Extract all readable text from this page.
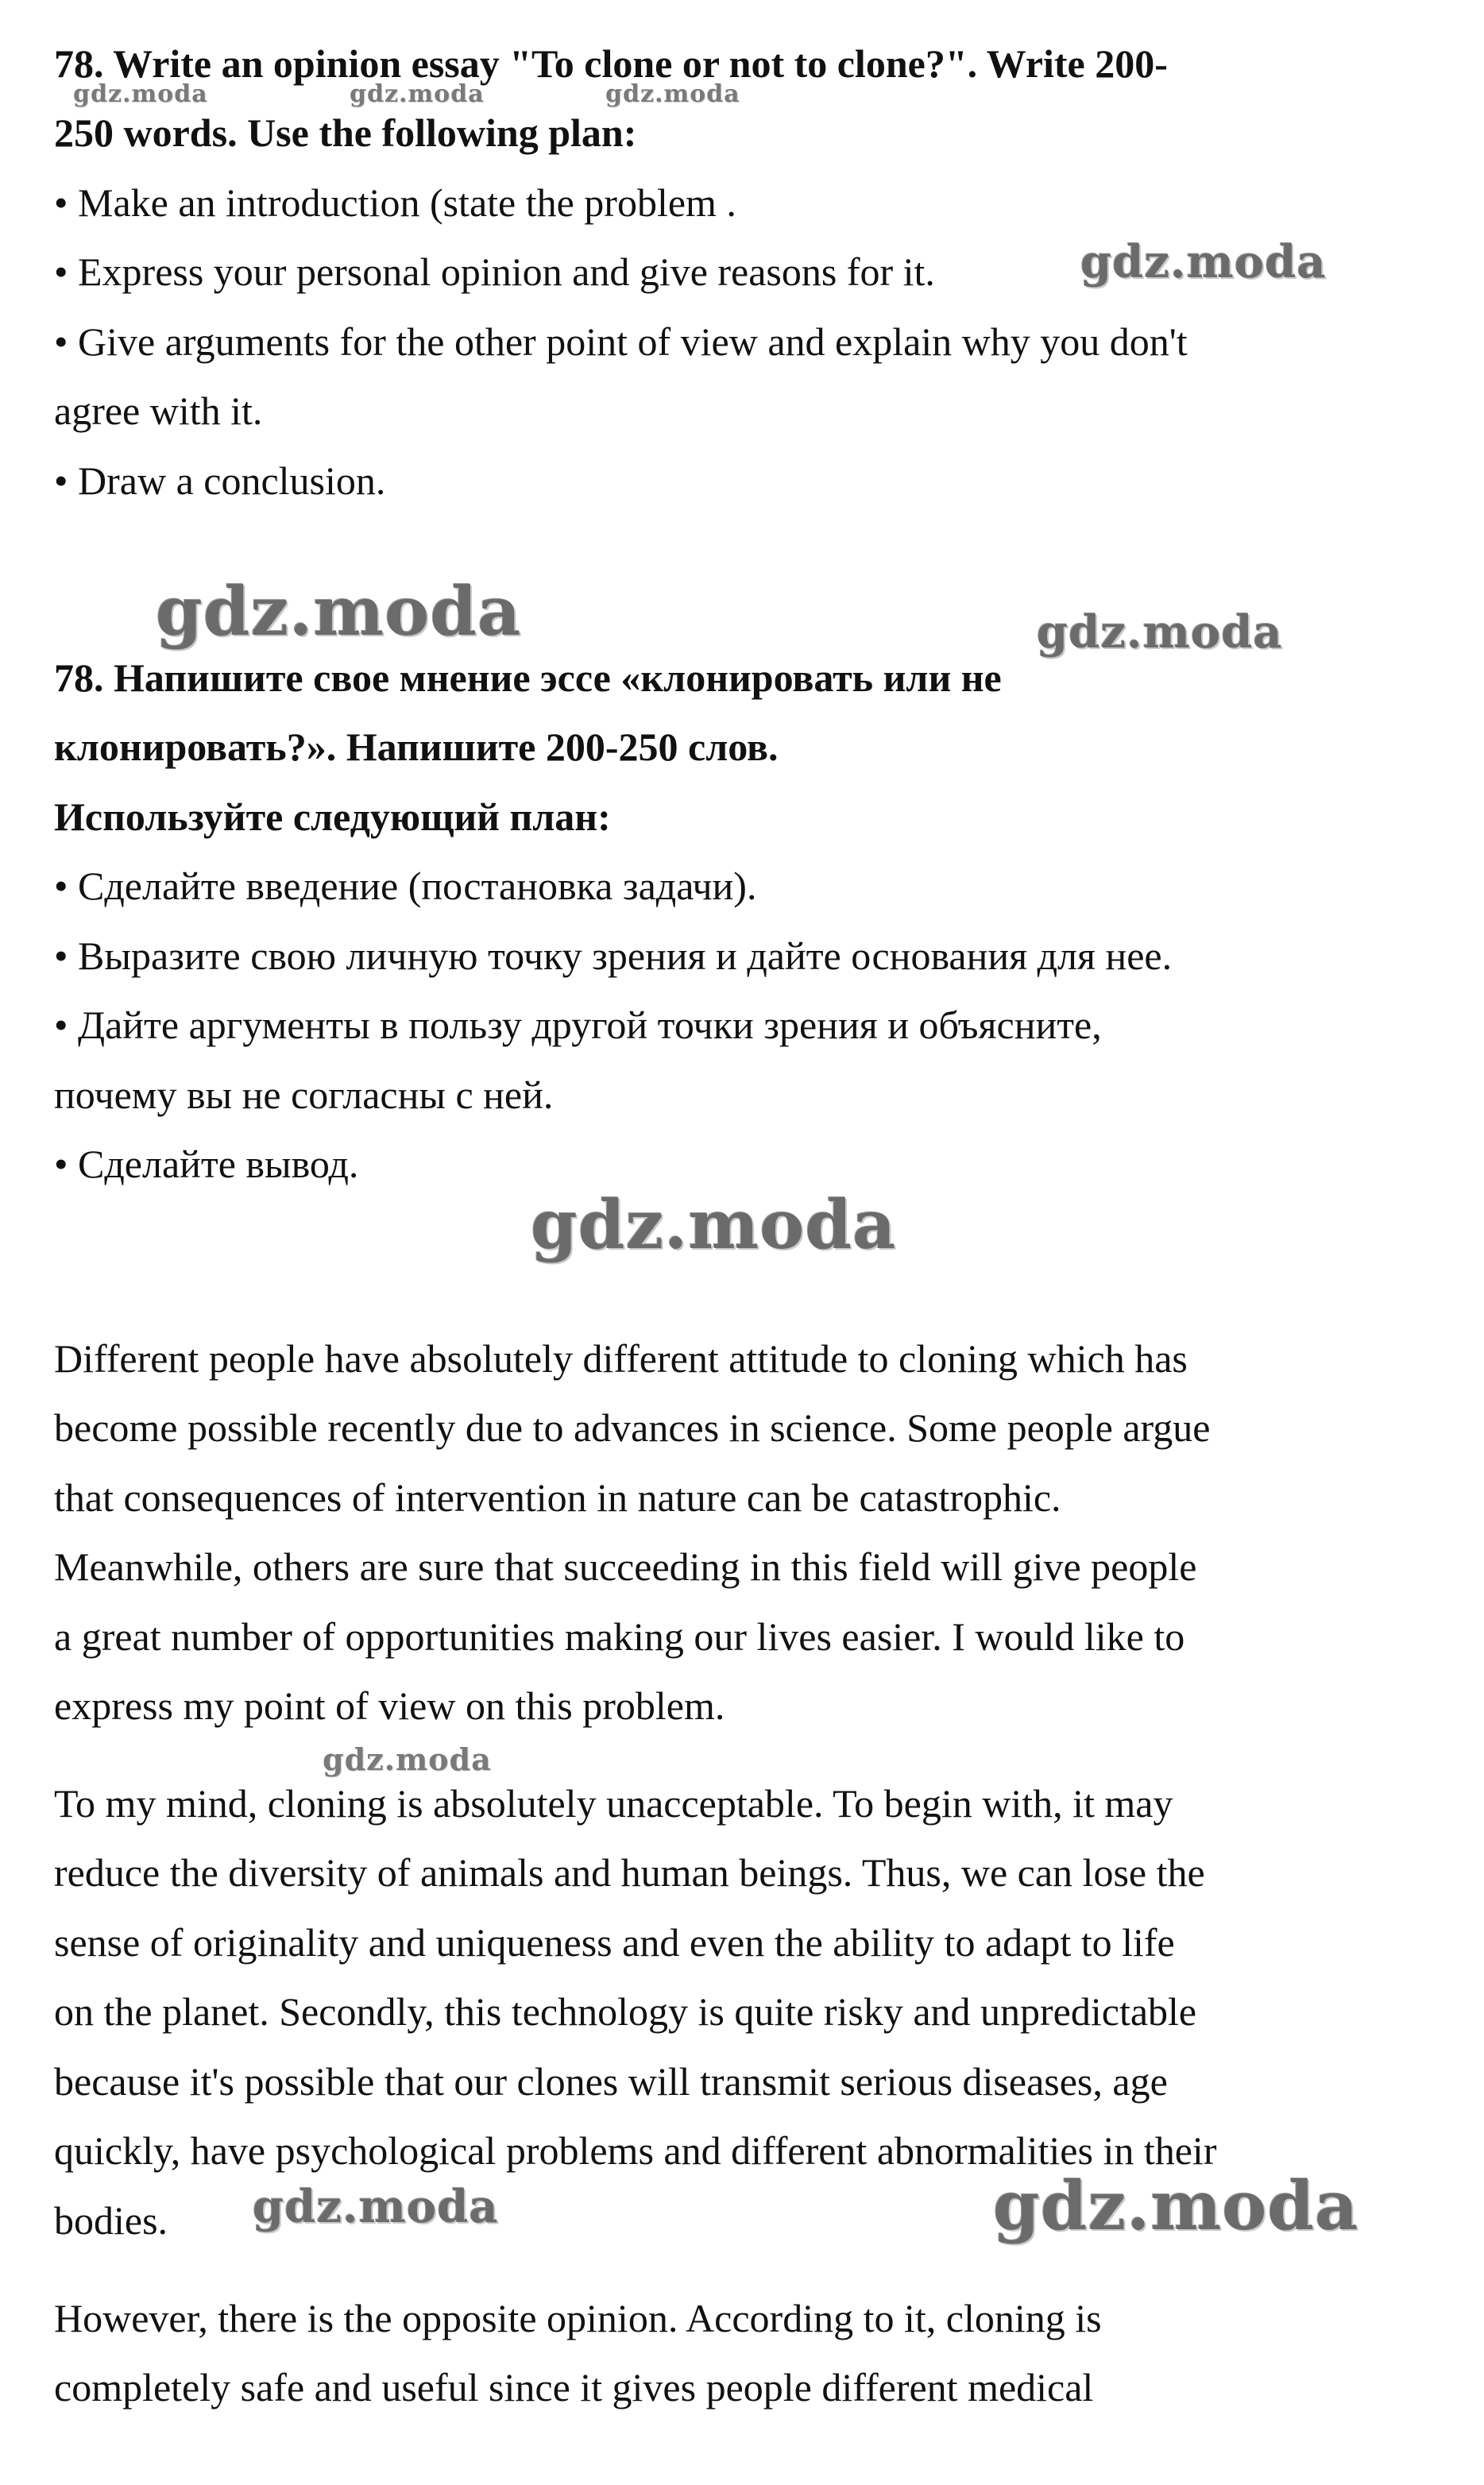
78. Write an opinion essay "To clone or not to clone?". Write 200-

250 words. Use the following plan:

• Make an introduction (state the problem .

• Express your personal opinion and give reasons for it.

• Give arguments for the other point of view and explain why you don't

agree with it.

• Draw a conclusion.

78. Напишите свое мнение эссе «клонировать или не

клонировать?». Напишите 200-250 слов.

Используйте следующий план:

• Сделайте введение (постановка задачи).

• Выразите свою личную точку зрения и дайте основания для нее.

• Дайте аргументы в пользу другой точки зрения и объясните,

почему вы не согласны с ней.

• Сделайте вывод.

Different people have absolutely different attitude to cloning which has

become possible recently due to advances in science. Some people argue

that consequences of intervention in nature can be catastrophic.

Meanwhile, others are sure that succeeding in this field will give people

a great number of opportunities making our lives easier. I would like to

express my point of view on this problem.

To my mind, cloning is absolutely unacceptable. To begin with, it may

reduce the diversity of animals and human beings. Thus, we can lose the

sense of originality and uniqueness and even the ability to adapt to life

on the planet. Secondly, this technology is quite risky and unpredictable

because it's possible that our clones will transmit serious diseases, age

quickly, have psychological problems and different abnormalities in their

bodies.

However, there is the opposite opinion. According to it, cloning is

completely safe and useful since it gives people different medical

gdz.moda	gdz.moda	gdz.moda
gdz.moda
gdz.moda	gdz.moda
gdz.moda
gdz.moda
gdz.moda	gdz.moda
